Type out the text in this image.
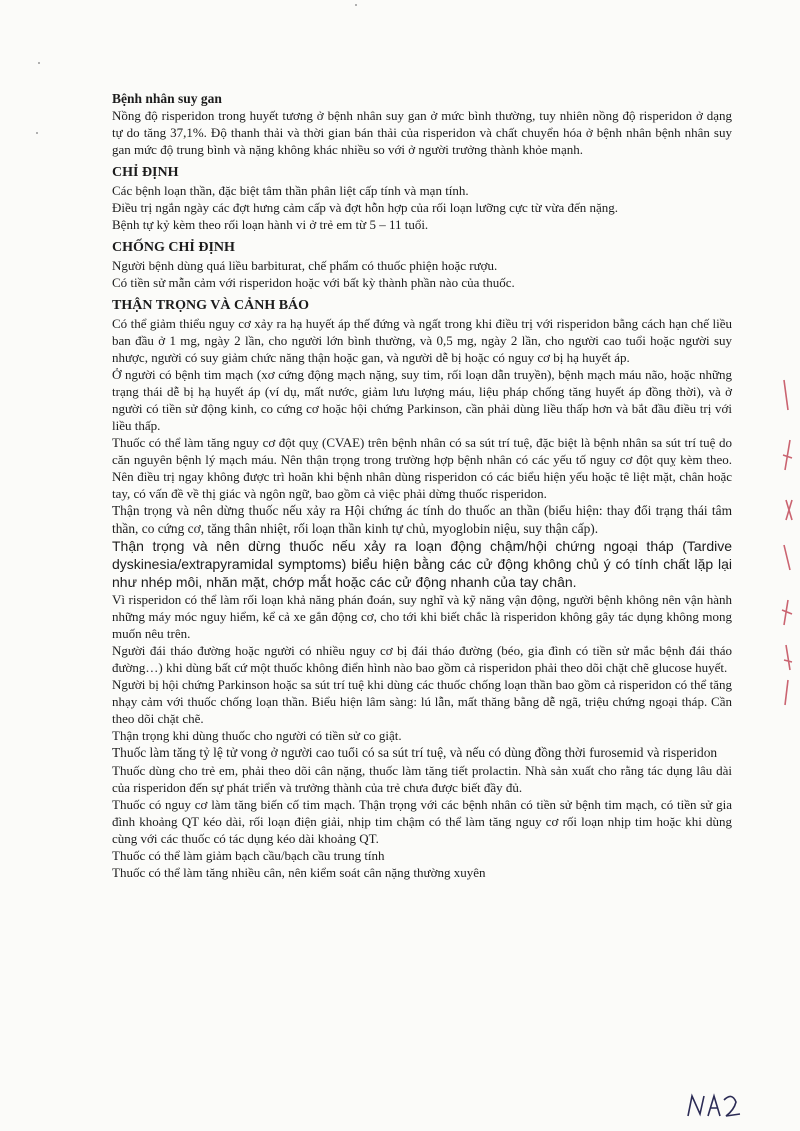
Bệnh nhân suy gan

Nồng độ risperidon trong huyết tương ở bệnh nhân suy gan ở mức bình thường, tuy nhiên nồng độ risperidon ở dạng tự do tăng 37,1%. Độ thanh thải và thời gian bán thải của risperidon và chất chuyển hóa ở bệnh nhân bệnh nhân suy gan mức độ trung bình và nặng không khác nhiều so với ở người trưởng thành khỏe mạnh.

CHỈ ĐỊNH

Các bệnh loạn thần, đặc biệt tâm thần phân liệt cấp tính và mạn tính.

Điều trị ngắn ngày các đợt hưng cảm cấp và đợt hỗn hợp của rối loạn lưỡng cực từ vừa đến nặng.

Bệnh tự kỷ kèm theo rối loạn hành vi ở trẻ em từ 5 – 11 tuổi.

CHỐNG CHỈ ĐỊNH

Người bệnh dùng quá liều barbiturat, chế phẩm có thuốc phiện hoặc rượu.

Có tiền sử mẫn cảm với risperidon hoặc với bất kỳ thành phần nào của thuốc.

THẬN TRỌNG VÀ CẢNH BÁO

Có thể giảm thiểu nguy cơ xảy ra hạ huyết áp thế đứng và ngất trong khi điều trị với risperidon bằng cách hạn chế liều ban đầu ở 1 mg, ngày 2 lần, cho người lớn bình thường, và 0,5 mg, ngày 2 lần, cho người cao tuổi hoặc người suy nhược, người có suy giảm chức năng thận hoặc gan, và người dễ bị hoặc có nguy cơ bị hạ huyết áp.

Ở người có bệnh tim mạch (xơ cứng động mạch nặng, suy tim, rối loạn dẫn truyền), bệnh mạch máu não, hoặc những trạng thái dễ bị hạ huyết áp (ví dụ, mất nước, giảm lưu lượng máu, liệu pháp chống tăng huyết áp đồng thời), và ở người có tiền sử động kinh, co cứng cơ hoặc hội chứng Parkinson, cần phải dùng liều thấp hơn và bắt đầu điều trị với liều thấp.

Thuốc có thể làm tăng nguy cơ đột quỵ (CVAE) trên bệnh nhân có sa sút trí tuệ, đặc biệt là bệnh nhân sa sút trí tuệ do căn nguyên bệnh lý mạch máu. Nên thận trọng trong trường hợp bệnh nhân có các yếu tố nguy cơ đột quỵ kèm theo. Nên điều trị ngay không được trì hoãn khi bệnh nhân dùng risperidon có các biểu hiện yếu hoặc tê liệt mặt, chân hoặc tay, có vấn đề về thị giác và ngôn ngữ, bao gồm cả việc phải dừng thuốc risperidon.

Thận trọng và nên dừng thuốc nếu xảy ra Hội chứng ác tính do thuốc an thần (biểu hiện: thay đổi trạng thái tâm thần, co cứng cơ, tăng thân nhiệt, rối loạn thần kinh tự chủ, myoglobin niệu, suy thận cấp).

Thận trọng và nên dừng thuốc nếu xảy ra loạn động chậm/hội chứng ngoại tháp (Tardive dyskinesia/extrapyramidal symptoms) biểu hiện bằng các cử động không chủ ý có tính chất lặp lại như nhép môi, nhăn mặt, chớp mắt hoặc các cử động nhanh của tay chân.

Vì risperidon có thể làm rối loạn khả năng phán đoán, suy nghĩ và kỹ năng vận động, người bệnh không nên vận hành những máy móc nguy hiểm, kể cả xe gắn động cơ, cho tới khi biết chắc là risperidon không gây tác dụng không mong muốn nêu trên.

Người đái tháo đường hoặc người có nhiều nguy cơ bị đái tháo đường (béo, gia đình có tiền sử mắc bệnh đái tháo đường…) khi dùng bất cứ một thuốc không điển hình nào bao gồm cả risperidon phải theo dõi chặt chẽ glucose huyết.

Người bị hội chứng Parkinson hoặc sa sút trí tuệ khi dùng các thuốc chống loạn thần bao gồm cả risperidon có thể tăng nhạy cảm với thuốc chống loạn thần. Biểu hiện lâm sàng: lú lẫn, mất thăng bằng dễ ngã, triệu chứng ngoại tháp. Cần theo dõi chặt chẽ.

Thận trọng khi dùng thuốc cho người có tiền sử co giật.

Thuốc làm tăng tỷ lệ tử vong ở người cao tuổi có sa sút trí tuệ, và nếu có dùng đồng thời furosemid và risperidon

Thuốc dùng cho trẻ em, phải theo dõi cân nặng, thuốc làm tăng tiết prolactin. Nhà sản xuất cho rằng tác dụng lâu dài của risperidon đến sự phát triển và trưởng thành của trẻ chưa được biết đầy đủ.

Thuốc có nguy cơ làm tăng biến cố tim mạch. Thận trọng với các bệnh nhân có tiền sử bệnh tim mạch, có tiền sử gia đình khoảng QT kéo dài, rối loạn điện giải, nhịp tim chậm có thể làm tăng nguy cơ rối loạn nhịp tim hoặc khi dùng cùng với các thuốc có tác dụng kéo dài khoảng QT.

Thuốc có thể làm giảm bạch cầu/bạch cầu trung tính

Thuốc có thể làm tăng nhiều cân, nên kiểm soát cân nặng thường xuyên
